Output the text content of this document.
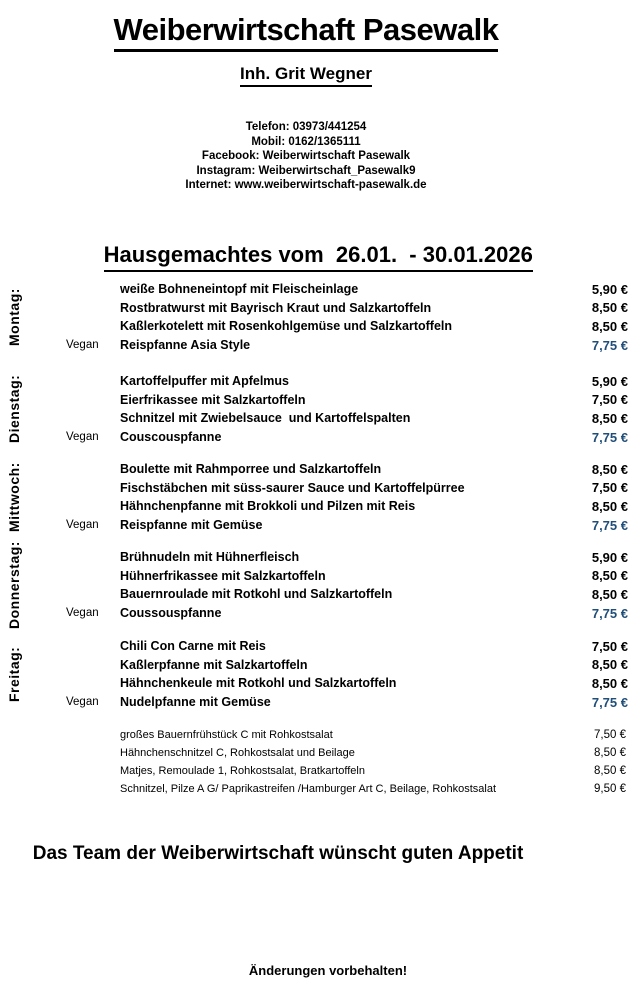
Weiberwirtschaft Pasewalk
Inh. Grit Wegner
Telefon: 03973/441254
Mobil: 0162/1365111
Facebook: Weiberwirtschaft Pasewalk
Instagram: Weiberwirtschaft_Pasewalk9
Internet: www.weiberwirtschaft-pasewalk.de

Hausgemachtes vom  26.01.  - 30.01.2026

Montag:	weiße Bohneneintopf mit Fleischeinlage	5,90 €
Rostbratwurst mit Bayrisch Kraut und Salzkartoffeln	8,50 €
Kaßlerkotelett mit Rosenkohlgemüse und Salzkartoffeln	8,50 €
Vegan Reispfanne Asia Style	7,75 €
Dienstag:	Kartoffelpuffer mit Apfelmus	5,90 €
Eierfrikassee mit Salzkartoffeln	7,50 €
Schnitzel mit Zwiebelsauce  und Kartoffelspalten	8,50 €
Vegan Couscouspfanne	7,75 €
Mittwoch:	Boulette mit Rahmporree und Salzkartoffeln	8,50 €
Fischstäbchen mit süss-saurer Sauce und Kartoffelpürree	7,50 €
Hähnchenpfanne mit Brokkoli und Pilzen mit Reis	8,50 €
Vegan Reispfanne mit Gemüse	7,75 €
Donnerstag:	Brühnudeln mit Hühnerfleisch	5,90 €
Hühnerfrikassee mit Salzkartoffeln	8,50 €
Bauernroulade mit Rotkohl und Salzkartoffeln	8,50 €
Vegan Coussouspfanne	7,75 €
Freitag:
Chili Con Carne mit Reis	7,50 €
Kaßlerpfanne mit Salzkartoffeln	8,50 €
Hähnchenkeule mit Rotkohl und Salzkartoffeln	8,50 €
Vegan Nudelpfanne mit Gemüse	7,75 €
großes Bauernfrühstück C mit Rohkostsalat	7,50 €
Hähnchenschnitzel C, Rohkostsalat und Beilage	8,50 €
Matjes, Remoulade 1, Rohkostsalat, Bratkartoffeln	8,50 €
Schnitzel, Pilze A G/ Paprikastreifen /Hamburger Art C, Beilage, Rohkostsalat	9,50 €
Das Team der Weiberwirtschaft wünscht guten Appetit
Änderungen vorbehalten!
